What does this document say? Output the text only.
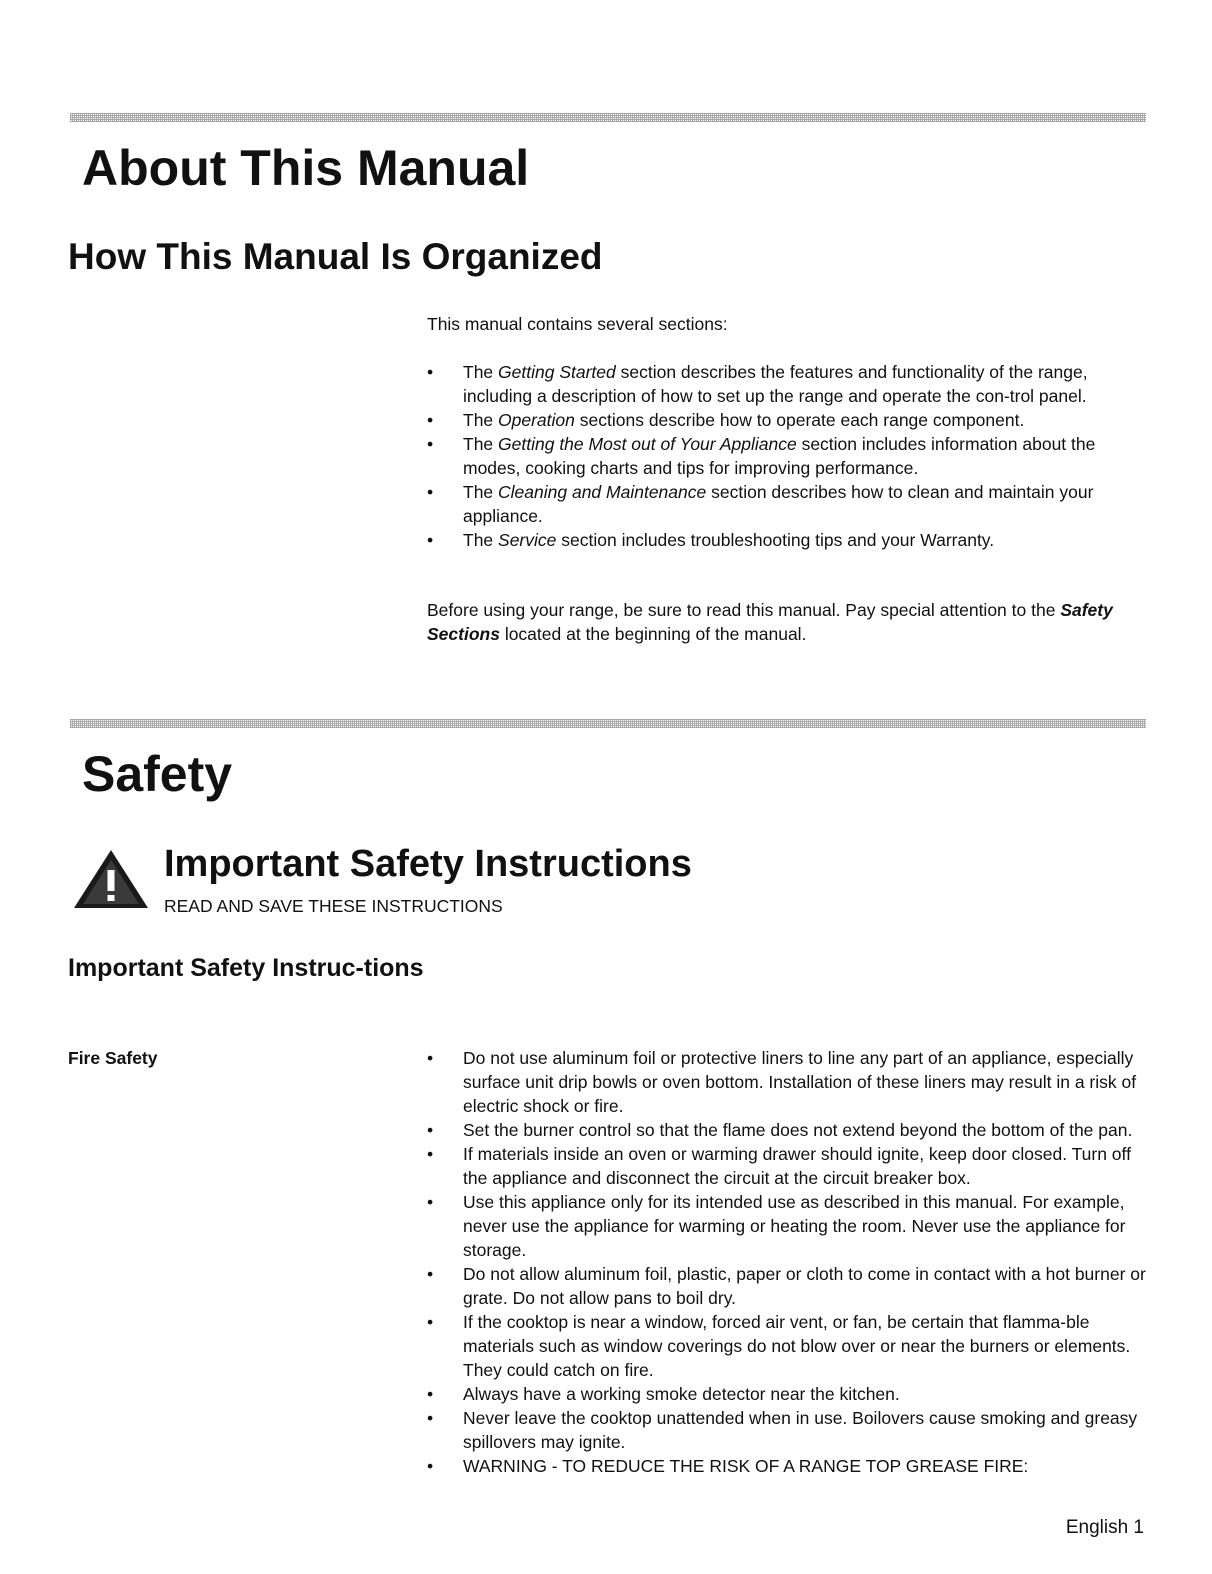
About This Manual
How This Manual Is Organized

This manual contains several sections:

• The Getting Started section describes the features and functionality of the range, including a description of how to set up the range and operate the con-trol panel.
• The Operation sections describe how to operate each range component.
• The Getting the Most out of Your Appliance section includes information about the modes, cooking charts and tips for improving performance.
• The Cleaning and Maintenance section describes how to clean and maintain your appliance.
• The Service section includes troubleshooting tips and your Warranty.

Before using your range, be sure to read this manual. Pay special attention to the Safety Sections located at the beginning of the manual.

Safety
Important Safety Instructions
READ AND SAVE THESE INSTRUCTIONS
Important Safety Instruc-tions
Fire Safety	• Do not use aluminum foil or protective liners to line any part of an appliance, especially surface unit drip bowls or oven bottom. Installation of these liners may result in a risk of electric shock or fire.
• Set the burner control so that the flame does not extend beyond the bottom of the pan.
• If materials inside an oven or warming drawer should ignite, keep door closed. Turn off the appliance and disconnect the circuit at the circuit breaker box.
• Use this appliance only for its intended use as described in this manual. For example, never use the appliance for warming or heating the room. Never use the appliance for storage.
• Do not allow aluminum foil, plastic, paper or cloth to come in contact with a hot burner or grate. Do not allow pans to boil dry.
• If the cooktop is near a window, forced air vent, or fan, be certain that flamma-ble materials such as window coverings do not blow over or near the burners or elements. They could catch on fire.
• Always have a working smoke detector near the kitchen.
• Never leave the cooktop unattended when in use. Boilovers cause smoking and greasy spillovers may ignite.
• WARNING - TO REDUCE THE RISK OF A RANGE TOP GREASE FIRE:
English 1
